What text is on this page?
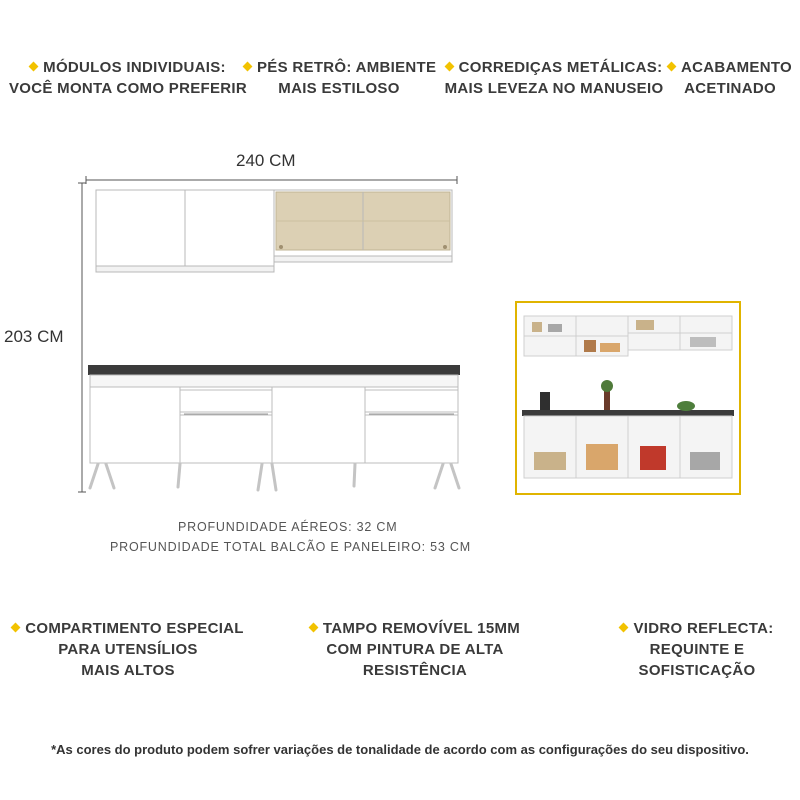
MÓDULOS INDIVIDUAIS:
VOCÊ MONTA COMO PREFERIR
PÉS RETRÔ: AMBIENTE
MAIS ESTILOSO
CORREDIÇAS METÁLICAS:
MAIS LEVEZA NO MANUSEIO
ACABAMENTO
ACETINADO
240 CM
203 CM
PROFUNDIDADE AÉREOS: 32 CM
PROFUNDIDADE TOTAL BALCÃO E PANELEIRO: 53 CM
COMPARTIMENTO ESPECIAL
PARA UTENSÍLIOS
MAIS ALTOS
TAMPO REMOVÍVEL 15MM
COM PINTURA DE ALTA
RESISTÊNCIA
VIDRO REFLECTA:
REQUINTE E
SOFISTICAÇÃO
*As cores do produto podem sofrer variações de tonalidade de acordo com as configurações do seu dispositivo.
